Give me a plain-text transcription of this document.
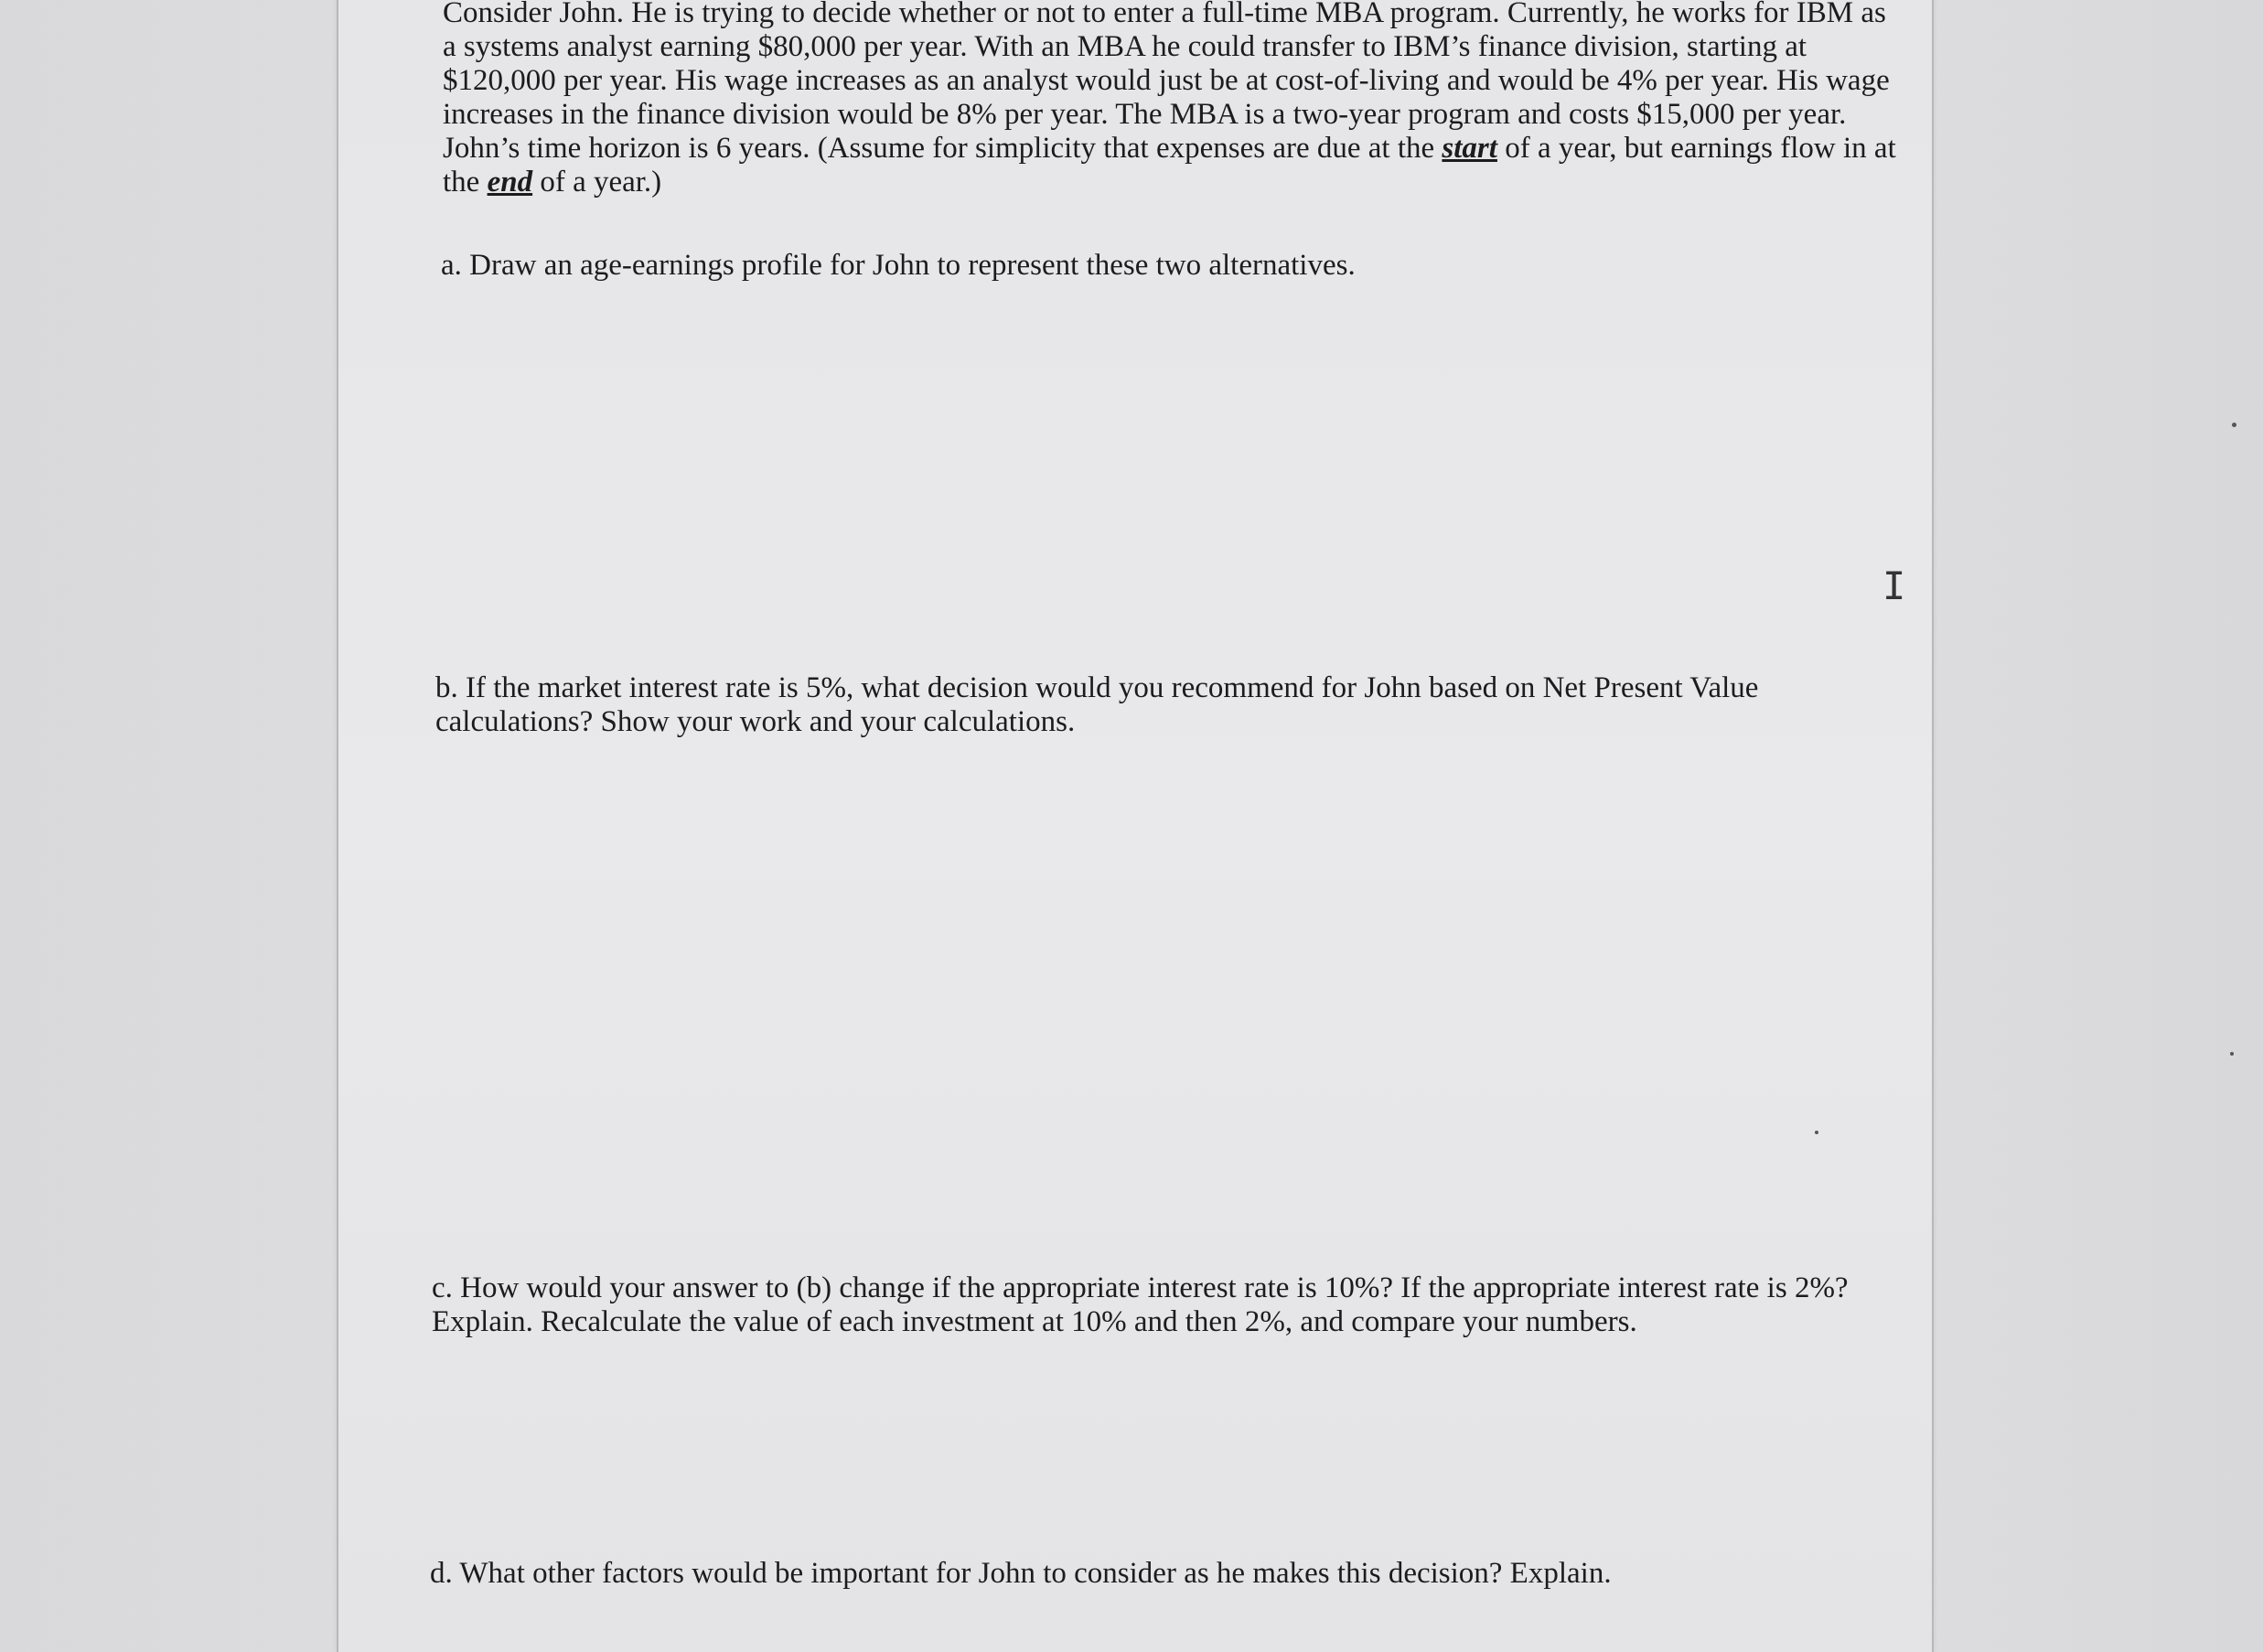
Consider John. He is trying to decide whether or not to enter a full-time MBA program. Currently, he works for IBM as a systems analyst earning $80,000 per year. With an MBA he could transfer to IBM’s finance division, starting at $120,000 per year. His wage increases as an analyst would just be at cost-of-living and would be 4% per year. His wage increases in the finance division would be 8% per year. The MBA is a two-year program and costs $15,000 per year. John’s time horizon is 6 years. (Assume for simplicity that expenses are due at the start of a year, but earnings flow in at the end of a year.)

a. Draw an age-earnings profile for John to represent these two alternatives.

b. If the market interest rate is 5%, what decision would you recommend for John based on Net Present Value calculations? Show your work and your calculations.

c. How would your answer to (b) change if the appropriate interest rate is 10%? If the appropriate interest rate is 2%? Explain. Recalculate the value of each investment at 10% and then 2%, and compare your numbers.

d. What other factors would be important for John to consider as he makes this decision? Explain.

I
